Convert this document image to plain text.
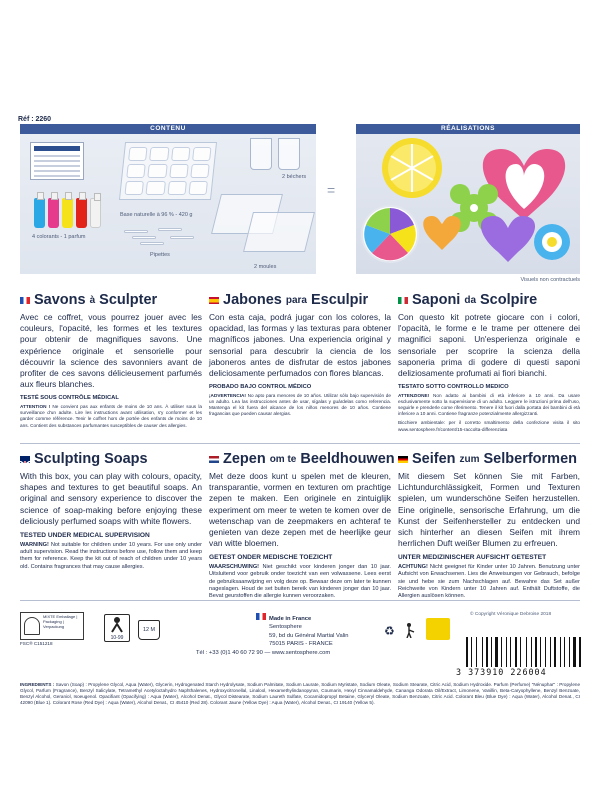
Réf : 2260
CONTENU	RÉALISATIONS
4 colorants - 1 parfum
Base naturelle à 96 % - 420 g
2 béchers
Pipettes
2 moules
=
Visuels non contractuels
Savons à Sculpter
Avec ce coffret, vous pourrez jouer avec les couleurs, l'opacité, les formes et les textures pour obtenir de magnifiques savons. Une expérience originale et sensorielle pour découvrir la science des savonniers avant de profiter de ces savons délicieusement parfumés aux fleurs blanches.
TESTÉ SOUS CONTRÔLE MÉDICAL
ATTENTION ! Ne convient pas aux enfants de moins de 10 ans. À utiliser sous la surveillance d'un adulte. Lire les instructions avant utilisation, s'y conformer et les garder comme référence. Tenir le coffret hors de portée des enfants de moins de 10 ans. Contient des substances parfumantes susceptibles de causer des allergies.
Jabones para Esculpir
Con esta caja, podrá jugar con los colores, la opacidad, las formas y las texturas para obtener magníficos jabones. Una experiencia original y sensorial para descubrir la ciencia de los jaboneros antes de disfrutar de estos jabones deliciosamente perfumados con flores blancas.
PROBADO BAJO CONTROL MÉDICO
¡ADVERTENCIA! No apto para menores de 10 años. Utilizar sólo bajo supervisión de un adulto. Lea las instrucciones antes de usar, sígalas y guárdelas como referencia. Mantenga el kit fuera del alcance de los niños menores de 10 años. Contiene fragancias que pueden causar alergias.
Saponi da Scolpire
Con questo kit potrete giocare con i colori, l'opacità, le forme e le trame per ottenere dei magnifici saponi. Un'esperienza originale e sensoriale per scoprire la scienza della saponeria prima di godere di questi saponi deliziosamente profumati ai fiori bianchi.
TESTATO SOTTO CONTROLLO MEDICO
ATTENZIONE! Non adatto ai bambini di età inferiore a 10 anni. Da usare esclusivamente sotto la supervisione di un adulto. Leggere le istruzioni prima dell'uso, seguirle e prenderle come riferimento. Tenere il kit fuori dalla portata dei bambini di età inferiore a 10 anni. Contiene fragranze potenzialmente allergizzanti.
Bicchiere ambientale: per il corretto smaltimento della confezione visita il sito www.sentosphere.fr/content/15-raccolta-differenziata
Sculpting Soaps
With this box, you can play with colours, opacity, shapes and textures to get beautiful soaps. An original and sensory experience to discover the science of soap-making before enjoying these deliciously perfumed soaps with white flowers.
TESTED UNDER MEDICAL SUPERVISION
WARNING! Not suitable for children under 10 years. For use only under adult supervision. Read the instructions before use, follow them and keep them for reference. Keep the kit out of reach of children under 10 years old. Contains fragrances that may cause allergies.
Zepen om te Beeldhouwen
Met deze doos kunt u spelen met de kleuren, transparantie, vormen en texturen om prachtige zepen te maken. Een originele en zintuiglijk experiment om meer te weten te komen over de wetenschap van de zeepmakers en achteraf te genieten van deze zepen met de heerlijke geur van witte bloemen.
GETEST ONDER MEDISCHE TOEZICHT
WAARSCHUWING! Niet geschikt voor kinderen jonger dan 10 jaar. Uitsluitend voor gebruik onder toezicht van een volwassene. Lees eerst de gebruiksaanwijzing en volg deze op. Bewaar deze om later te kunnen nageslagen. Houd de set buiten bereik van kinderen jonger dan 10 jaar. Bevat geurstoffen die allergie kunnen veroorzaken.
Seifen zum Selberformen
Mit diesem Set können Sie mit Farben, Lichtundurchlässigkeit, Formen und Texturen spielen, um wunderschöne Seifen herzustellen. Eine originelle, sensorische Erfahrung, um die Kunst der Seifenhersteller zu entdecken und sich hinterher an diesen Seifen mit ihrem herrlichen Duft weißer Blumen zu erfreuen.
UNTER MEDIZINISCHER AUFSICHT GETESTET
ACHTUNG! Nicht geeignet für Kinder unter 10 Jahren. Benutzung unter Aufsicht von Erwachsenen. Lies die Anweisungen vor Gebrauch, befolge sie und hebe sie zum Nachschlagen auf. Bewahre das Set außer Reichweite von Kindern unter 10 Jahren auf. Enthält Duftstoffe, die Allergien auslösen können.
MIXTE Emballage | Packaging | Verpackung
FSC® C151218
10-99
12 M
Made in France
Sentosphere
59, bd du Général Martial Valin
75015 PARIS - FRANCE
Tél : +33 (0)1 40 60 72 90 — www.sentosphere.com
♻
© Copyright Véronique Debroise 2018
3 373910 226004
INGREDIENTS : Savon (Soap) : Propylene Glycol, Aqua (Water), Glycerin, Hydrogenated Starch Hydrolysate, Sodium Palmitate, Sodium Laurate, Sodium Myristate, Sodium Oleate, Sodium Stearate, Citric Acid, Sodium Hydroxide. Parfum (Perfume) "Nénuphar" : Propylene Glycol, Parfum (Fragrance), Benzyl Salicylate, Tetramethyl Acetyloctahydro Naphthalenes, Hydroxycitronellal, Linalool, Hexamethylindanopyran, Coumarin, Hexyl Cinnamaldehyde, Cananga Odorata Oil/Extract, Limonene, Vanillin, Beta-Caryophyllene, Benzyl Benzoate, Benzyl Alcohol, Geraniol, Isoeugenol. Opacifiant (Opacifying) : Aqua (Water), Alcohol Denat., Glycol Distearate, Sodium Laureth Sulfate, Cocamidopropyl Betaine, Glyceryl Oleate, Sodium Benzoate, Citric Acid. Colorant Bleu (Blue Dye) : Aqua (Water), Alcohol Denat., CI 42090 (Blue 1). Colorant Rose (Red Dye) : Aqua (Water), Alcohol Denat., CI 45410 (Red 28). Colorant Jaune (Yellow Dye) : Aqua (Water), Alcohol Denat., CI 19140 (Yellow 5).
